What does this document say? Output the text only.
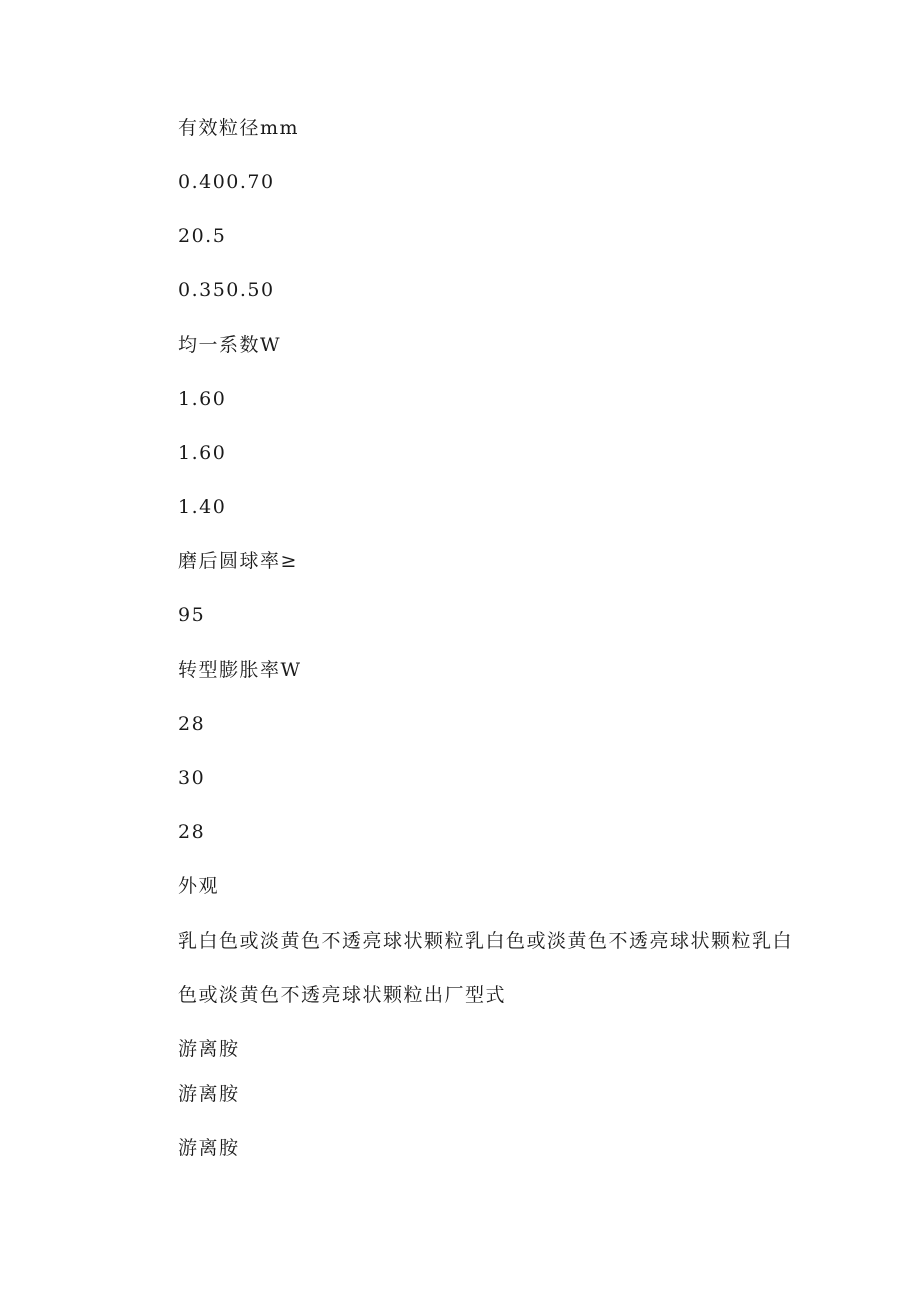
有效粒径mm

0.400.70

20.5

0.350.50

均一系数W

1.60

1.60

1.40

磨后圆球率≥

95

转型膨胀率W

28

30

28

外观

乳白色或淡黄色不透亮球状颗粒乳白色或淡黄色不透亮球状颗粒乳白

色或淡黄色不透亮球状颗粒出厂型式

游离胺

游离胺

游离胺
